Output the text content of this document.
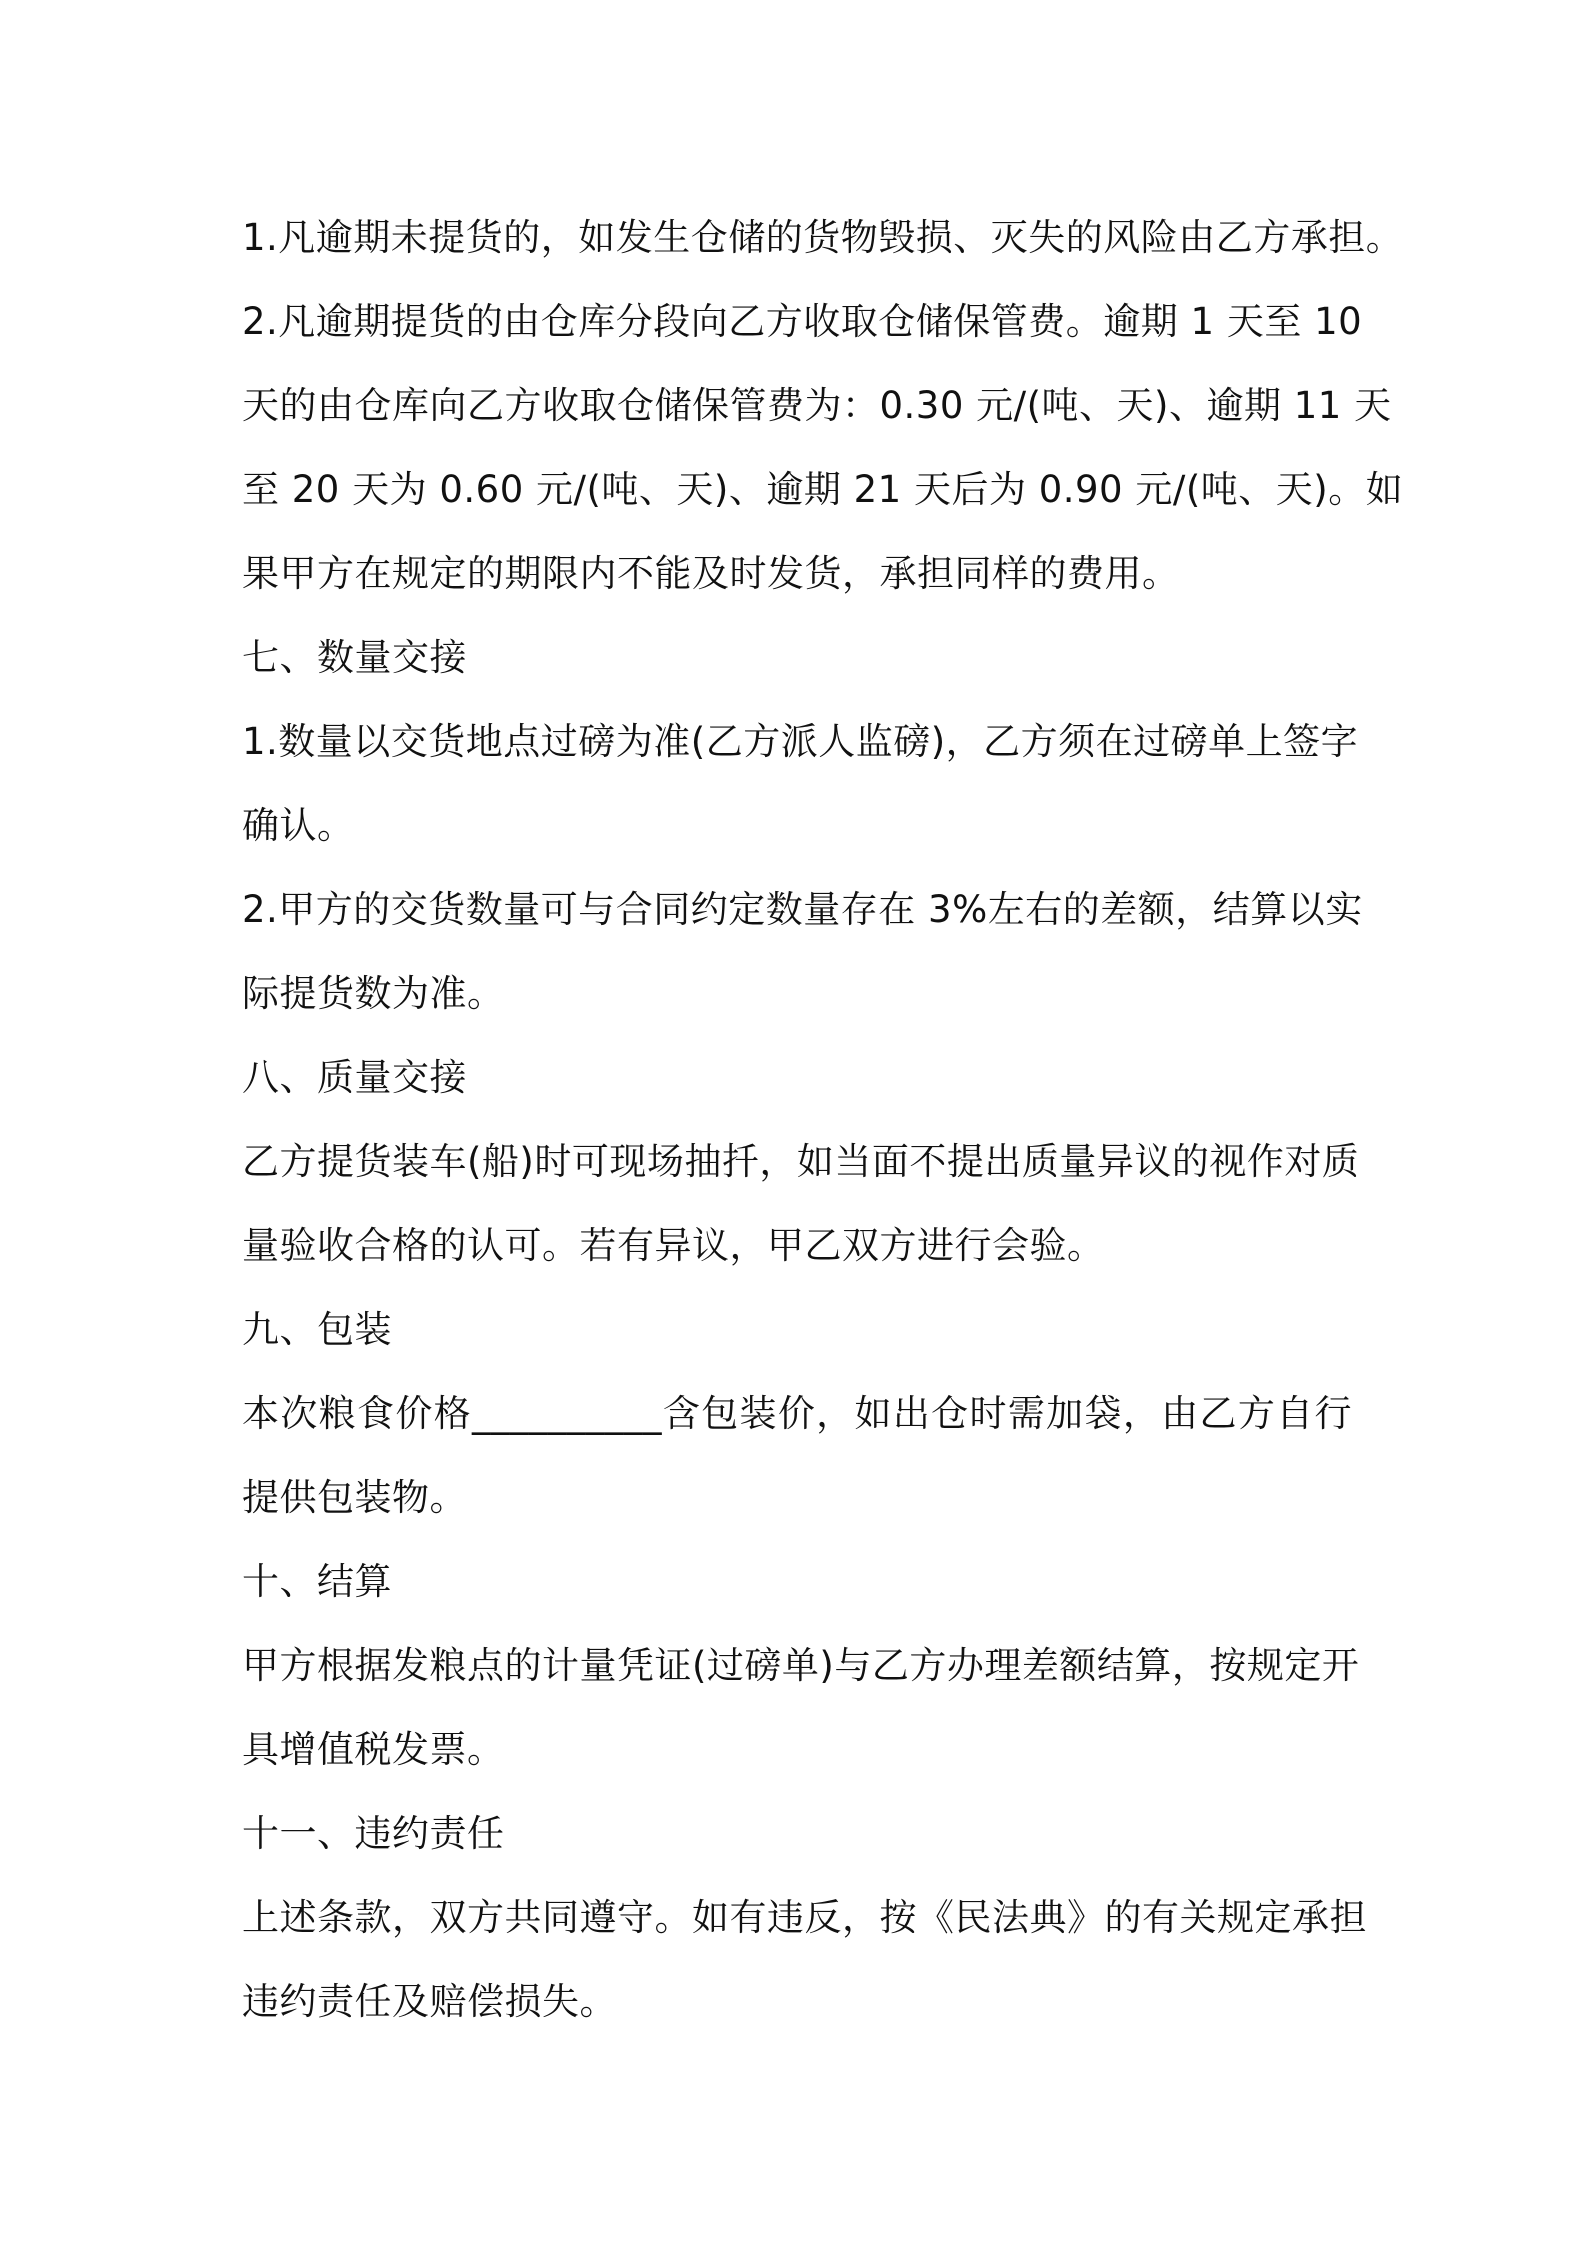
1.凡逾期未提货的，如发生仓储的货物毁损、灭失的风险由乙方承担。
2.凡逾期提货的由仓库分段向乙方收取仓储保管费。逾期 1 天至 10
天的由仓库向乙方收取仓储保管费为：0.30 元/(吨、天)、逾期 11 天
至 20 天为 0.60 元/(吨、天)、逾期 21 天后为 0.90 元/(吨、天)。如
果甲方在规定的期限内不能及时发货，承担同样的费用。
七、数量交接
1.数量以交货地点过磅为准(乙方派人监磅)，乙方须在过磅单上签字
确认。
2.甲方的交货数量可与合同约定数量存在 3%左右的差额，结算以实
际提货数为准。
八、质量交接
乙方提货装车(船)时可现场抽扦，如当面不提出质量异议的视作对质
量验收合格的认可。若有异议，甲乙双方进行会验。
九、包装
本次粮食价格__________含包装价，如出仓时需加袋，由乙方自行
提供包装物。
十、结算
甲方根据发粮点的计量凭证(过磅单)与乙方办理差额结算，按规定开
具增值税发票。
十一、违约责任
上述条款，双方共同遵守。如有违反，按《民法典》的有关规定承担
违约责任及赔偿损失。
